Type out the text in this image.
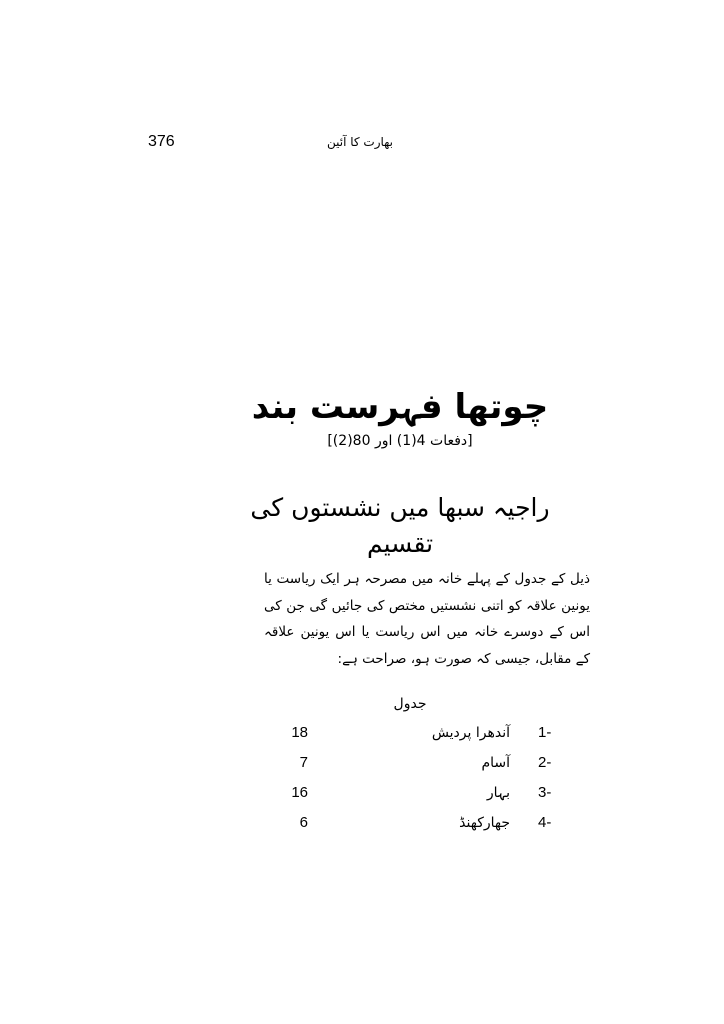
376	بھارت کا آئین
چوتھا فہرست بند
[دفعات 4(1) اور 80(2)]
راجیہ سبھا میں نشستوں کی تقسیم
ذیل کے جدول کے پہلے خانہ میں مصرحہ ہر ایک ریاست یا یونین علاقہ کو اتنی نشستیں مختص کی جائیں گی جن کی اس کے دوسرے خانہ میں اس ریاست یا اس یونین علاقہ کے مقابل، جیسی کہ صورت ہو، صراحت ہے:
جدول
1-
آندھرا پردیش
18
2-
آسام
7
3-
بہار
16
4-
جھارکھنڈ
6
